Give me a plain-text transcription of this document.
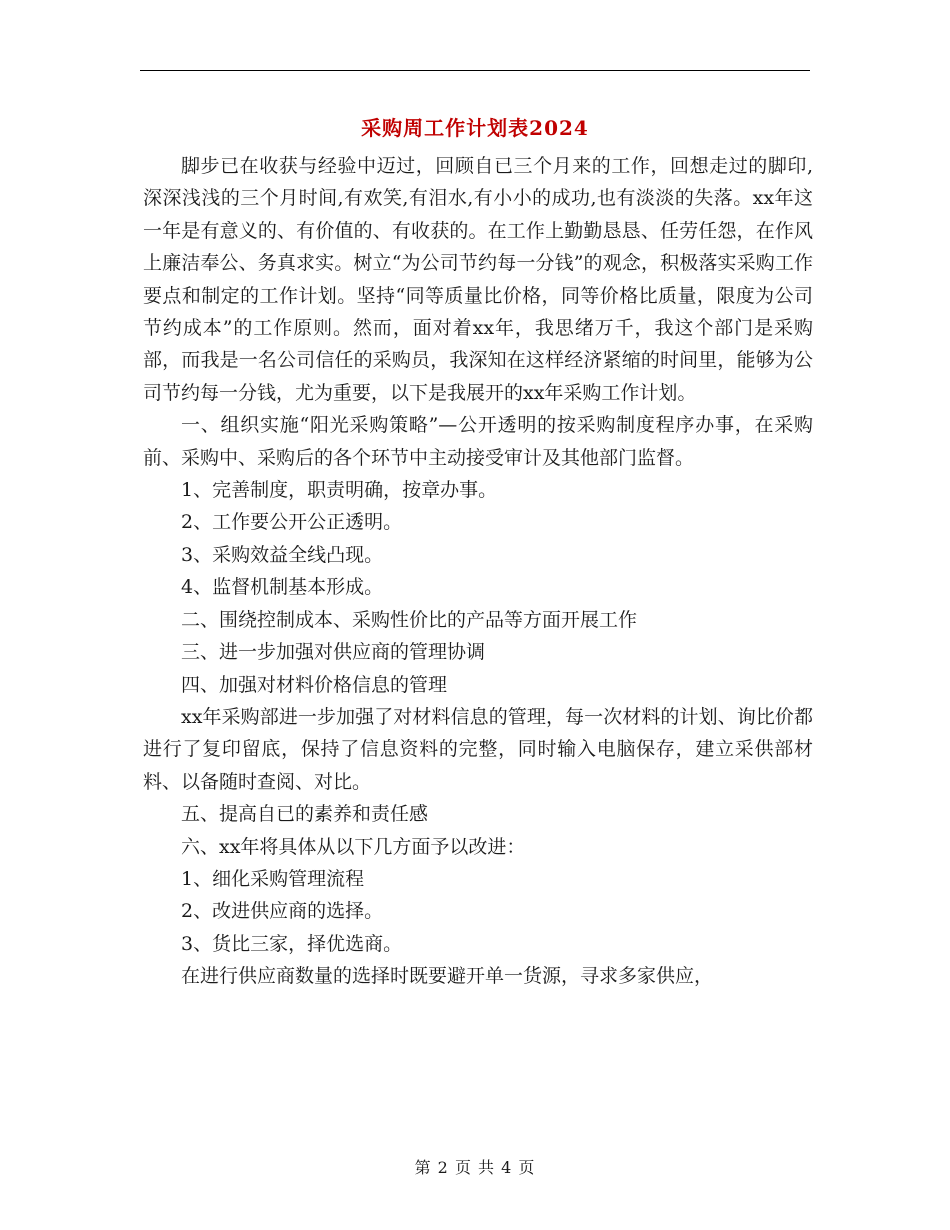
采购周工作计划表2024

脚步已在收获与经验中迈过，回顾自已三个月来的工作，回想走过的脚印,深深浅浅的三个月时间,有欢笑,有泪水,有小小的成功,也有淡淡的失落。xx年这一年是有意义的、有价值的、有收获的。在工作上勤勤恳恳、任劳任怨，在作风上廉洁奉公、务真求实。树立“为公司节约每一分钱”的观念，积极落实采购工作要点和制定的工作计划。坚持“同等质量比价格，同等价格比质量，限度为公司节约成本”的工作原则。然而，面对着xx年，我思绪万千，我这个部门是采购部，而我是一名公司信任的采购员，我深知在这样经济紧缩的时间里，能够为公司节约每一分钱，尤为重要，以下是我展开的xx年采购工作计划。

一、组织实施“阳光采购策略”—公开透明的按采购制度程序办事，在采购前、采购中、采购后的各个环节中主动接受审计及其他部门监督。

1、完善制度，职责明确，按章办事。

2、工作要公开公正透明。

3、采购效益全线凸现。

4、监督机制基本形成。

二、围绕控制成本、采购性价比的产品等方面开展工作

三、进一步加强对供应商的管理协调

四、加强对材料价格信息的管理

xx年采购部进一步加强了对材料信息的管理，每一次材料的计划、询比价都进行了复印留底，保持了信息资料的完整，同时输入电脑保存，建立采供部材料、以备随时查阅、对比。

五、提高自已的素养和责任感

六、xx年将具体从以下几方面予以改进：

1、细化采购管理流程

2、改进供应商的选择。

3、货比三家，择优选商。

在进行供应商数量的选择时既要避开单一货源，寻求多家供应，

第 2 页 共 4 页
